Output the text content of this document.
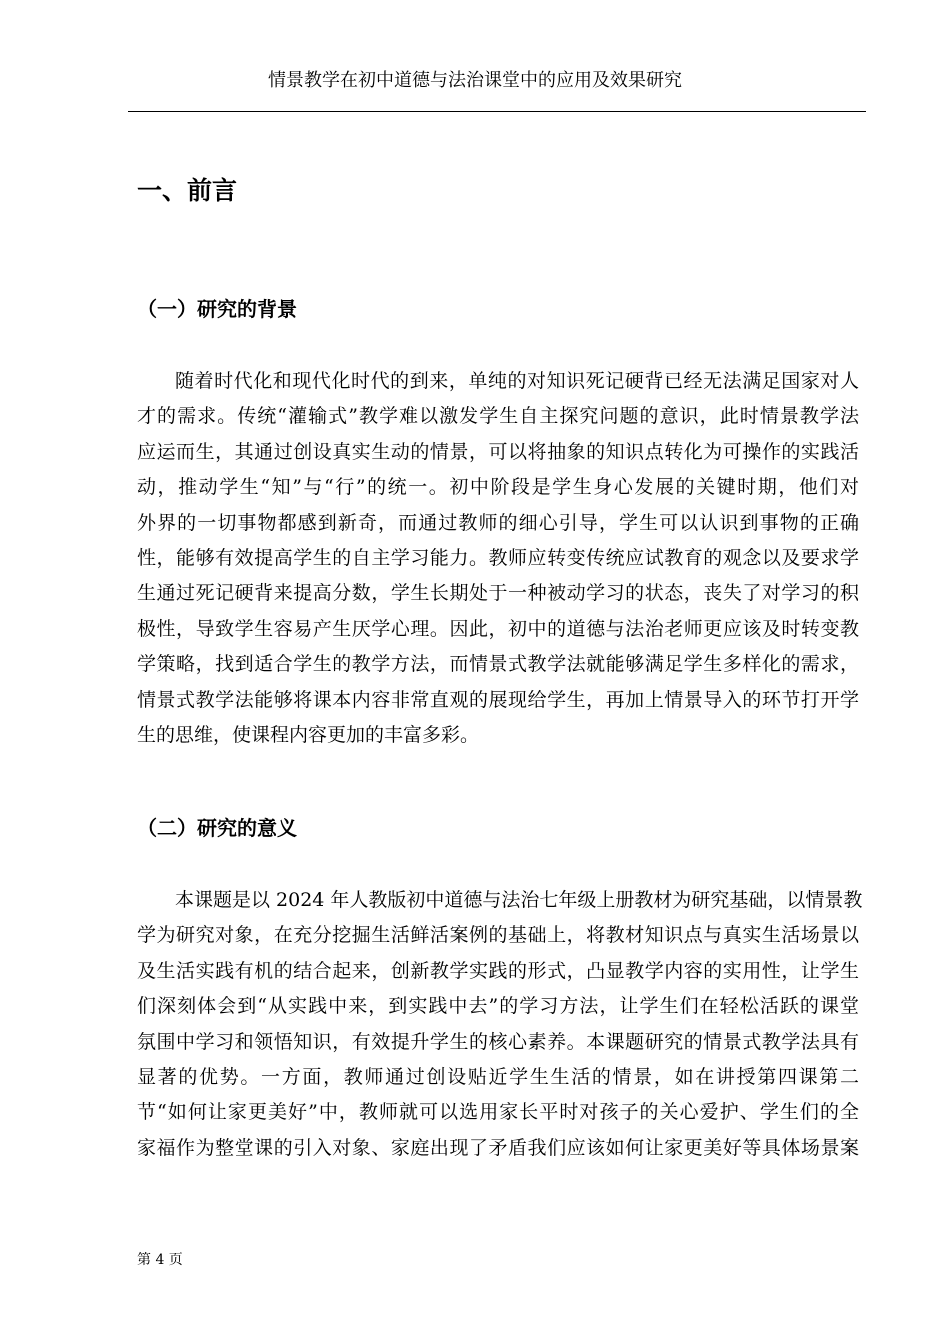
情景教学在初中道德与法治课堂中的应用及效果研究
一、前言
（一）研究的背景
随着时代化和现代化时代的到来，单纯的对知识死记硬背已经无法满足国家对人
才的需求。传统“灌输式”教学难以激发学生自主探究问题的意识，此时情景教学法
应运而生，其通过创设真实生动的情景，可以将抽象的知识点转化为可操作的实践活
动，推动学生“知”与“行”的统一。初中阶段是学生身心发展的关键时期，他们对
外界的一切事物都感到新奇，而通过教师的细心引导，学生可以认识到事物的正确
性，能够有效提高学生的自主学习能力。教师应转变传统应试教育的观念以及要求学
生通过死记硬背来提高分数，学生长期处于一种被动学习的状态，丧失了对学习的积
极性，导致学生容易产生厌学心理。因此，初中的道德与法治老师更应该及时转变教
学策略，找到适合学生的教学方法，而情景式教学法就能够满足学生多样化的需求，
情景式教学法能够将课本内容非常直观的展现给学生，再加上情景导入的环节打开学
生的思维，使课程内容更加的丰富多彩。
（二）研究的意义
本课题是以 2024 年人教版初中道德与法治七年级上册教材为研究基础，以情景教
学为研究对象，在充分挖掘生活鲜活案例的基础上，将教材知识点与真实生活场景以
及生活实践有机的结合起来，创新教学实践的形式，凸显教学内容的实用性，让学生
们深刻体会到“从实践中来，到实践中去”的学习方法，让学生们在轻松活跃的课堂
氛围中学习和领悟知识，有效提升学生的核心素养。本课题研究的情景式教学法具有
显著的优势。一方面，教师通过创设贴近学生生活的情景，如在讲授第四课第二
节“如何让家更美好”中，教师就可以选用家长平时对孩子的关心爱护、学生们的全
家福作为整堂课的引入对象、家庭出现了矛盾我们应该如何让家更美好等具体场景案
第 4 页
